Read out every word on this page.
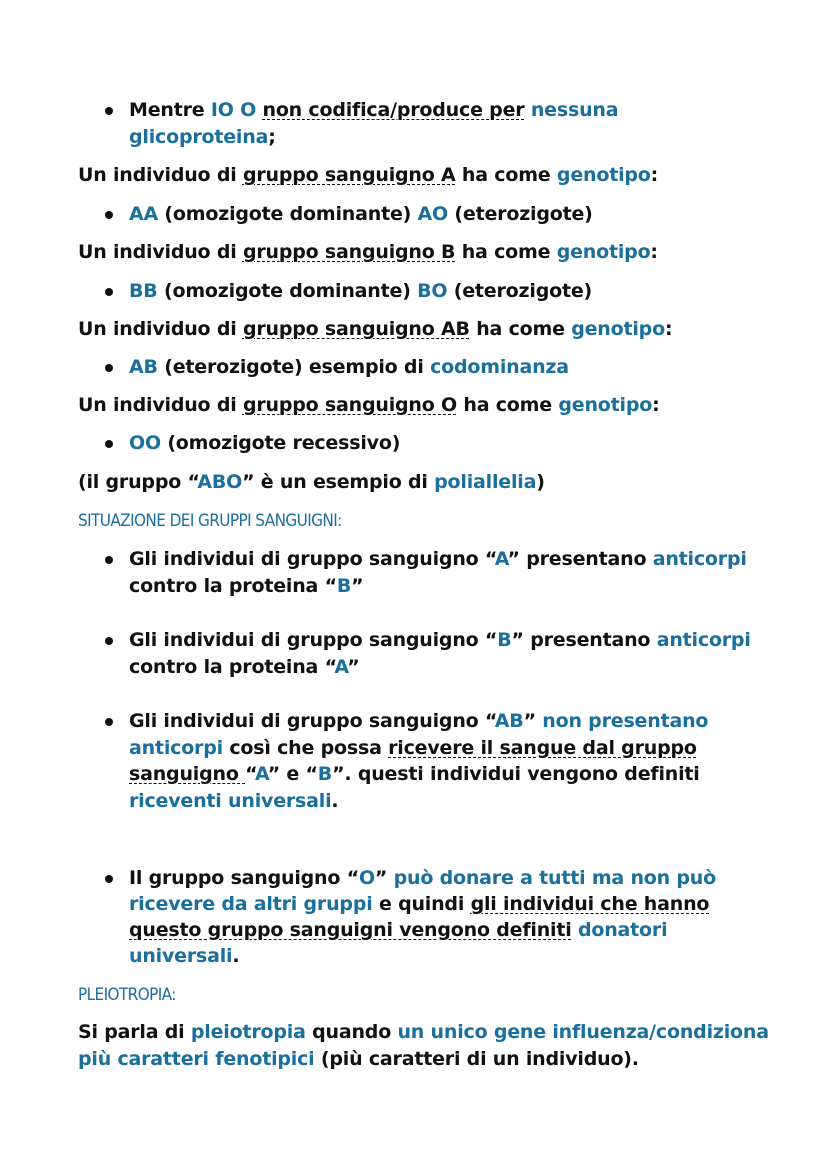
Mentre IO O non codifica/produce per nessuna
glicoproteina;
Un individuo di gruppo sanguigno A ha come genotipo:
AA (omozigote dominante) AO (eterozigote)
Un individuo di gruppo sanguigno B ha come genotipo:
BB (omozigote dominante) BO (eterozigote)
Un individuo di gruppo sanguigno AB ha come genotipo:
AB (eterozigote) esempio di codominanza
Un individuo di gruppo sanguigno O ha come genotipo:
OO (omozigote recessivo)
(il gruppo “ABO” è un esempio di poliallelia)
SITUAZIONE DEI GRUPPI SANGUIGNI:
Gli individui di gruppo sanguigno “A” presentano anticorpi
contro la proteina “B”
Gli individui di gruppo sanguigno “B” presentano anticorpi
contro la proteina “A”
Gli individui di gruppo sanguigno “AB” non presentano
anticorpi così che possa ricevere il sangue dal gruppo
sanguigno “A” e “B”. questi individui vengono definiti
riceventi universali.
Il gruppo sanguigno “O” può donare a tutti ma non può
ricevere da altri gruppi e quindi gli individui che hanno
questo gruppo sanguigni vengono definiti donatori
universali.
PLEIOTROPIA:
Si parla di pleiotropia quando un unico gene influenza/condiziona
più caratteri fenotipici (più caratteri di un individuo).
